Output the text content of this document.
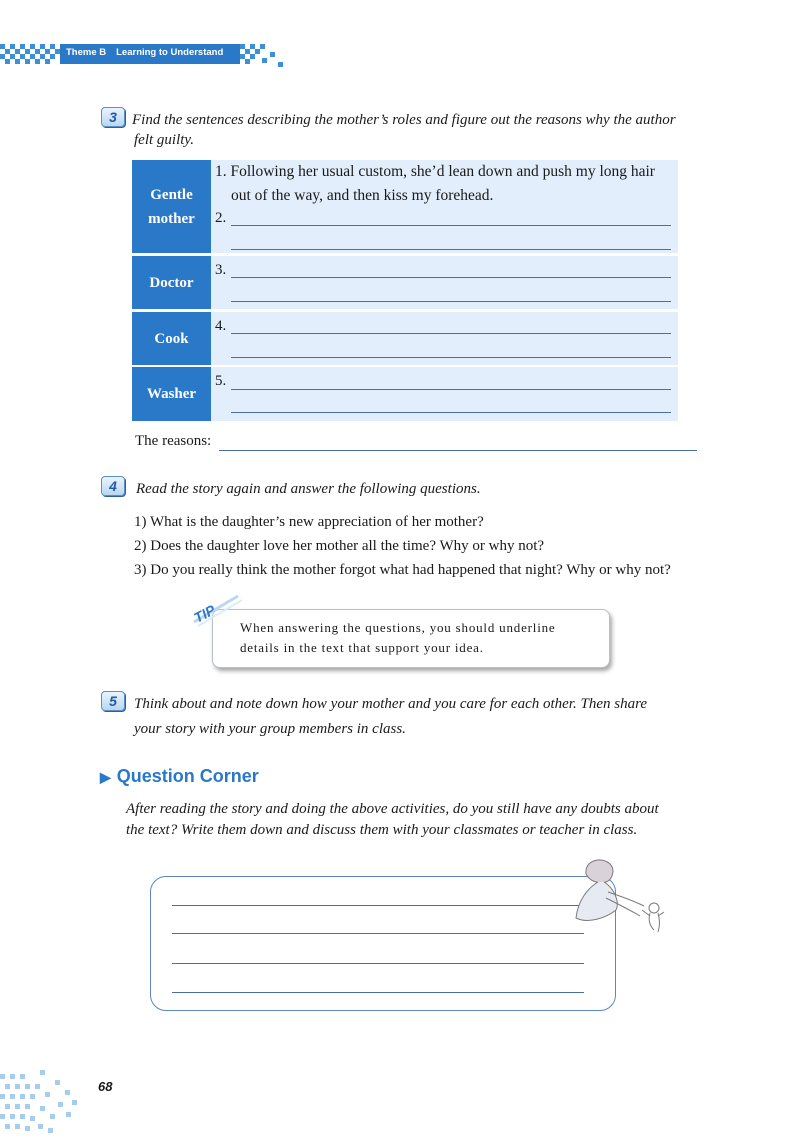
Theme B Learning to Understand
3	Find the sentences describing the mother’s roles and figure out the reasons why the author
felt guilty.
Gentle
mother
1. Following her usual custom, she’d lean down and push my long hair
out of the way, and then kiss my forehead.
2.
Doctor
3.
Cook
4.
Washer
5.
The reasons:
4	Read the story again and answer the following questions.
1) What is the daughter’s new appreciation of her mother?
2) Does the daughter love her mother all the time? Why or why not?
3) Do you really think the mother forgot what had happened that night? Why or why not?
TIP
When answering the questions, you should underline
details in the text that support your idea.
5	Think about and note down how your mother and you care for each other. Then share
your story with your group members in class.
▶ Question Corner
After reading the story and doing the above activities, do you still have any doubts about
the text? Write them down and discuss them with your classmates or teacher in class.
68
